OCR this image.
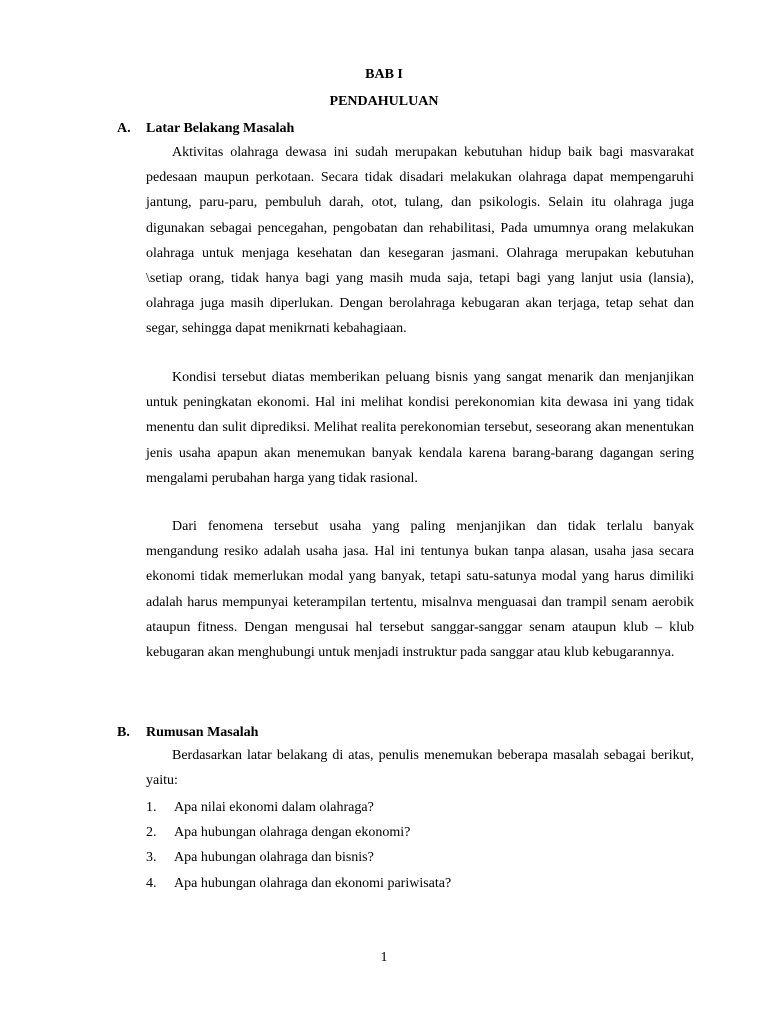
BAB I
PENDAHULUAN
A. Latar Belakang Masalah

Aktivitas olahraga dewasa ini sudah merupakan kebutuhan hidup baik bagi masvarakat pedesaan maupun perkotaan. Secara tidak disadari melakukan olahraga dapat mempengaruhi jantung, paru-paru, pembuluh darah, otot, tulang, dan psikologis. Selain itu olahraga juga digunakan sebagai pencegahan, pengobatan dan rehabilitasi, Pada umumnya orang melakukan olahraga untuk menjaga kesehatan dan kesegaran jasmani. Olahraga merupakan kebutuhan \setiap orang, tidak hanya bagi yang masih muda saja, tetapi bagi yang lanjut usia (lansia), olahraga juga masih diperlukan. Dengan berolahraga kebugaran akan terjaga, tetap sehat dan segar, sehingga dapat menikrnati kebahagiaan.

Kondisi tersebut diatas memberikan peluang bisnis yang sangat menarik dan menjanjikan untuk peningkatan ekonomi. Hal ini melihat kondisi perekonomian kita dewasa ini yang tidak menentu dan sulit diprediksi. Melihat realita perekonomian tersebut, seseorang akan menentukan jenis usaha apapun akan menemukan banyak kendala karena barang-barang dagangan sering mengalami perubahan harga yang tidak rasional.

Dari fenomena tersebut usaha yang paling menjanjikan dan tidak terlalu banyak mengandung resiko adalah usaha jasa. Hal ini tentunya bukan tanpa alasan, usaha jasa secara ekonomi tidak memerlukan modal yang banyak, tetapi satu-satunya modal yang harus dimiliki adalah harus mempunyai keterampilan tertentu, misalnva menguasai dan trampil senam aerobik ataupun fitness. Dengan mengusai hal tersebut sanggar-sanggar senam ataupun klub – klub kebugaran akan menghubungi untuk menjadi instruktur pada sanggar atau klub kebugarannya.

B. Rumusan Masalah

Berdasarkan latar belakang di atas, penulis menemukan beberapa masalah sebagai berikut, yaitu:

1. Apa nilai ekonomi dalam olahraga?
2. Apa hubungan olahraga dengan ekonomi?
3. Apa hubungan olahraga dan bisnis?
4. Apa hubungan olahraga dan ekonomi pariwisata?
1
